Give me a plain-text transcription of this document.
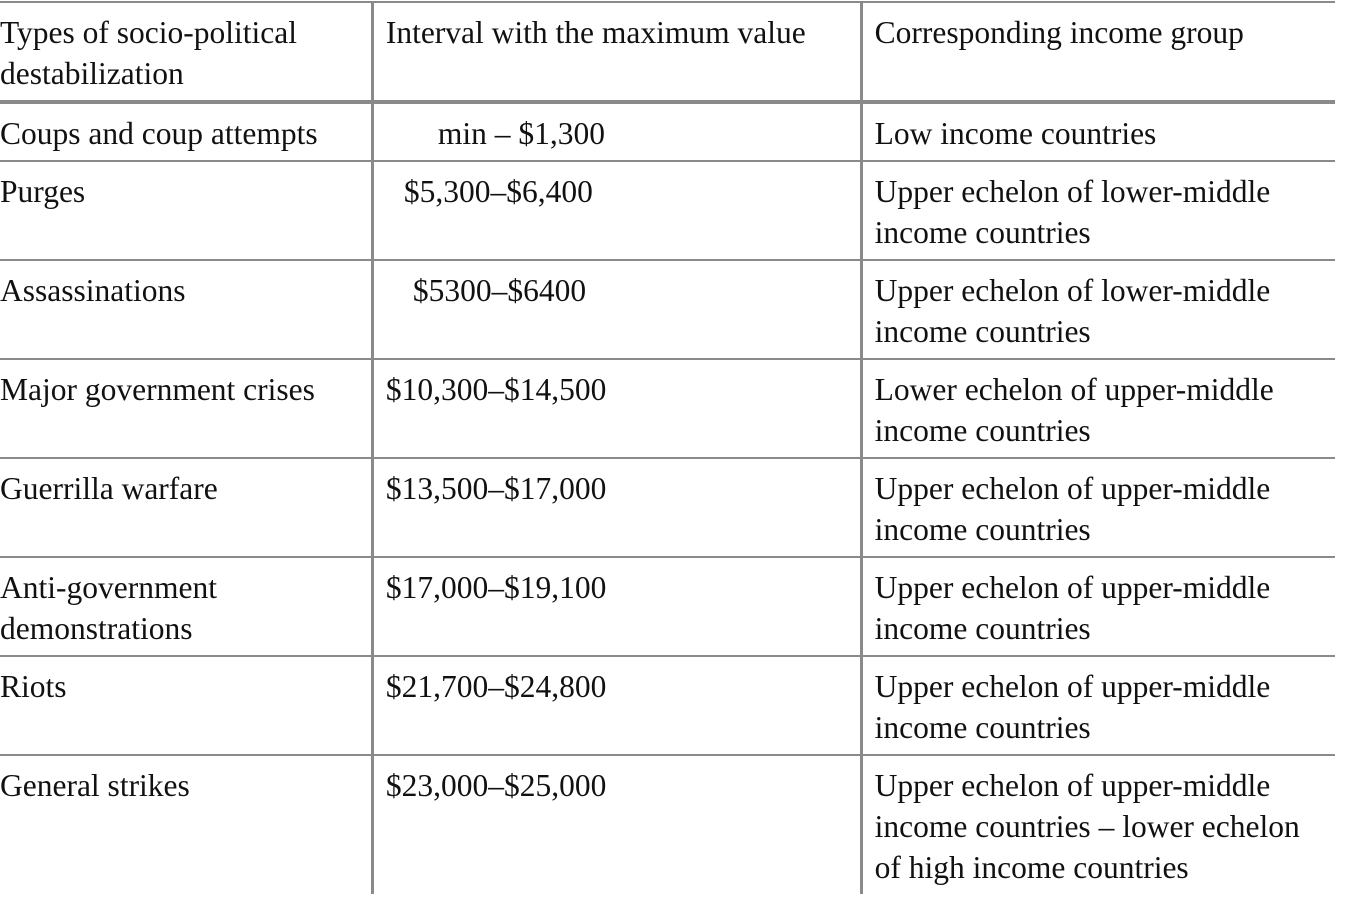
Types of socio-political destabilization	Interval with the maximum value	Corresponding income group
Coups and coup attempts	min – $1,300	Low income countries
Purges	$5,300–$6,400	Upper echelon of lower-middle income countries
Assassinations	$5300–$6400	Upper echelon of lower-middle income countries
Major government crises	$10,300–$14,500	Lower echelon of upper-middle income countries
Guerrilla warfare	$13,500–$17,000	Upper echelon of upper-middle income countries
Anti-government demonstrations	$17,000–$19,100	Upper echelon of upper-middle income countries
Riots	$21,700–$24,800	Upper echelon of upper-middle income countries
General strikes	$23,000–$25,000	Upper echelon of upper-middle income countries – lower echelon of high income countries
